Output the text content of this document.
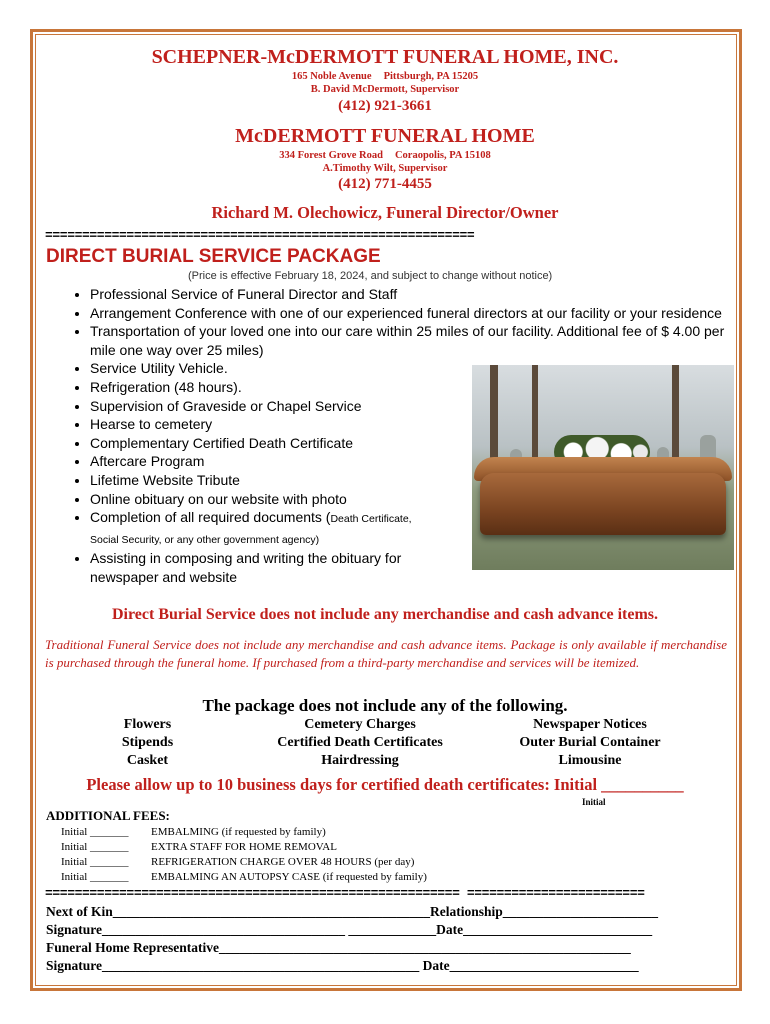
SCHEPNER-McDERMOTT FUNERAL HOME, INC.
165 Noble Avenue Pittsburgh, PA 15205
B. David McDermott, Supervisor
(412) 921-3661
McDERMOTT FUNERAL HOME
334 Forest Grove Road Coraopolis, PA 15108
A.Timothy Wilt, Supervisor
(412) 771-4455
Richard M. Olechowicz, Funeral Director/Owner
==========================================================
DIRECT BURIAL SERVICE PACKAGE
(Price is effective February 18, 2024, and subject to change without notice)
• Professional Service of Funeral Director and Staff
• Arrangement Conference with one of our experienced funeral directors at our facility or your residence
• Transportation of your loved one into our care within 25 miles of our facility. Additional fee of $ 4.00 per mile one way over 25 miles)
• Service Utility Vehicle.
• Refrigeration (48 hours).
• Supervision of Graveside or Chapel Service
• Hearse to cemetery
• Complementary Certified Death Certificate
• Aftercare Program
• Lifetime Website Tribute
• Online obituary on our website with photo
• Completion of all required documents (Death Certificate, Social Security, or any other government agency)
• Assisting in composing and writing the obituary for newspaper and website
Direct Burial Service does not include any merchandise and cash advance items.
Traditional Funeral Service does not include any merchandise and cash advance items. Package is only available if merchandise is purchased through the funeral home. If purchased from a third-party merchandise and services will be itemized.
The package does not include any of the following.
Flowers
Stipends
Casket
Cemetery Charges
Certified Death Certificates
Hairdressing
Newspaper Notices
Outer Burial Container
Limousine
Please allow up to 10 business days for certified death certificates: Initial __________
Initial
ADDITIONAL FEES:
Initial _______ EMBALMING (if requested by family)
Initial _______ EXTRA STAFF FOR HOME REMOVAL
Initial _______ REFRIGERATION CHARGE OVER 48 HOURS (per day)
Initial _______ EMBALMING AN AUTOPSY CASE (if requested by family)
======================================================== ========================
Next of Kin_______________________________________________Relationship_______________________
Signature____________________________________ _____________Date____________________________
Funeral Home Representative_____________________________________________________________
Signature_______________________________________________ Date____________________________
